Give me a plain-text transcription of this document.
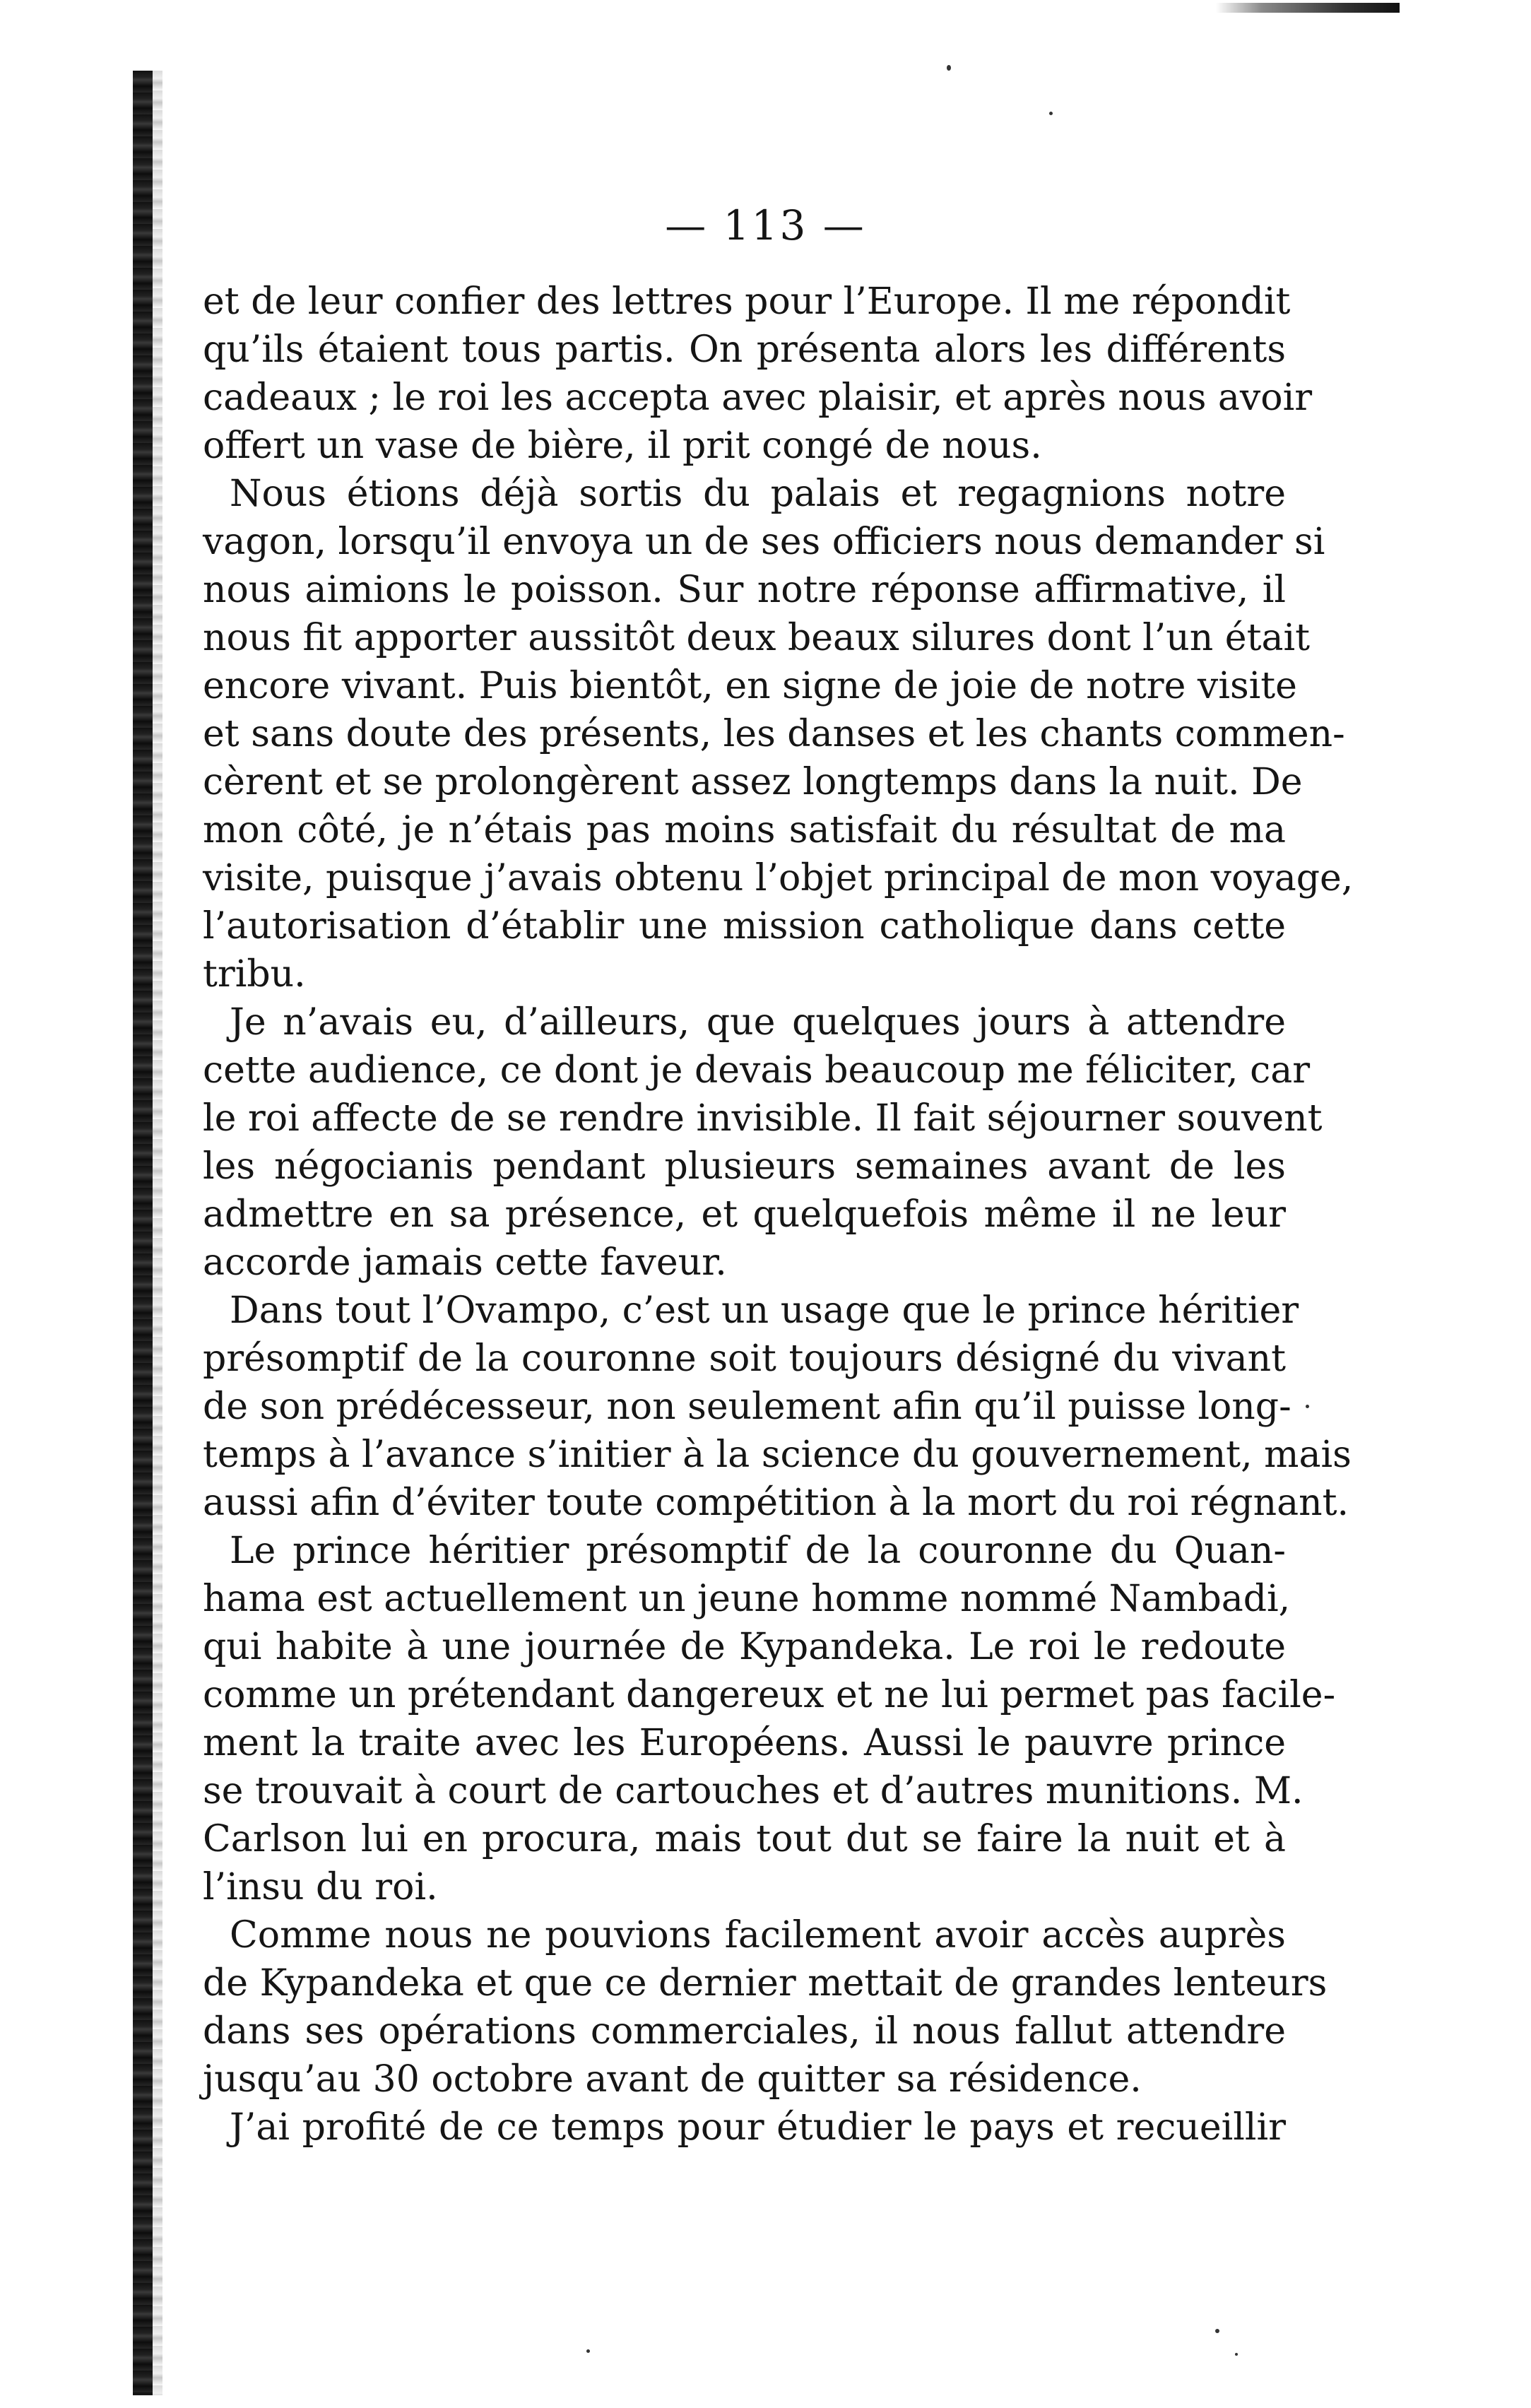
— 113 —
et de leur confier des lettres pour l’Europe. Il me répondit
qu’ils étaient tous partis. On présenta alors les différents
cadeaux ; le roi les accepta avec plaisir, et après nous avoir
offert un vase de bière, il prit congé de nous.
Nous étions déjà sortis du palais et regagnions notre
vagon, lorsqu’il envoya un de ses officiers nous demander si
nous aimions le poisson. Sur notre réponse affirmative, il
nous fit apporter aussitôt deux beaux silures dont l’un était
encore vivant. Puis bientôt, en signe de joie de notre visite
et sans doute des présents, les danses et les chants commen-
cèrent et se prolongèrent assez longtemps dans la nuit. De
mon côté, je n’étais pas moins satisfait du résultat de ma
visite, puisque j’avais obtenu l’objet principal de mon voyage,
l’autorisation d’établir une mission catholique dans cette
tribu.
Je n’avais eu, d’ailleurs, que quelques jours à attendre
cette audience, ce dont je devais beaucoup me féliciter, car
le roi affecte de se rendre invisible. Il fait séjourner souvent
les négocianis pendant plusieurs semaines avant de les
admettre en sa présence, et quelquefois même il ne leur
accorde jamais cette faveur.
Dans tout l’Ovampo, c’est un usage que le prince héritier
présomptif de la couronne soit toujours désigné du vivant
de son prédécesseur, non seulement afin qu’il puisse long-
temps à l’avance s’initier à la science du gouvernement, mais
aussi afin d’éviter toute compétition à la mort du roi régnant.
Le prince héritier présomptif de la couronne du Quan-
hama est actuellement un jeune homme nommé Nambadi,
qui habite à une journée de Kypandeka. Le roi le redoute
comme un prétendant dangereux et ne lui permet pas facile-
ment la traite avec les Européens. Aussi le pauvre prince
se trouvait à court de cartouches et d’autres munitions. M.
Carlson lui en procura, mais tout dut se faire la nuit et à
l’insu du roi.
Comme nous ne pouvions facilement avoir accès auprès
de Kypandeka et que ce dernier mettait de grandes lenteurs
dans ses opérations commerciales, il nous fallut attendre
jusqu’au 30 octobre avant de quitter sa résidence.
J’ai profité de ce temps pour étudier le pays et recueillir
